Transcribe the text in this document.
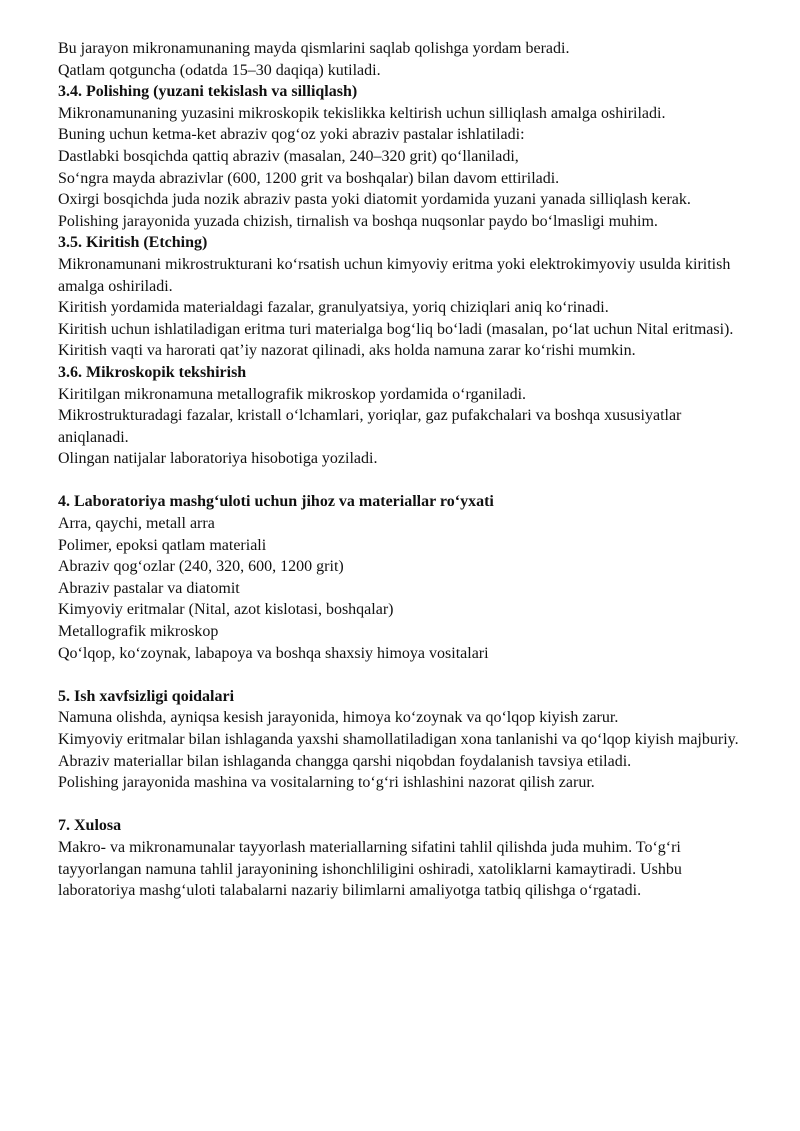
Bu jarayon mikronamunaning mayda qismlarini saqlab qolishga yordam beradi.

Qatlam qotguncha (odatda 15–30 daqiqa) kutiladi.

3.4. Polishing (yuzani tekislash va silliqlash)

Mikronamunaning yuzasini mikroskopik tekislikka keltirish uchun silliqlash amalga oshiriladi.

Buning uchun ketma-ket abraziv qog‘oz yoki abraziv pastalar ishlatiladi:

Dastlabki bosqichda qattiq abraziv (masalan, 240–320 grit) qo‘llaniladi,

So‘ngra mayda abrazivlar (600, 1200 grit va boshqalar) bilan davom ettiriladi.

Oxirgi bosqichda juda nozik abraziv pasta yoki diatomit yordamida yuzani yanada silliqlash kerak.

Polishing jarayonida yuzada chizish, tirnalish va boshqa nuqsonlar paydo bo‘lmasligi muhim.

3.5. Kiritish (Etching)

Mikronamunani mikrostrukturani ko‘rsatish uchun kimyoviy eritma yoki elektrokimyoviy usulda kiritish amalga oshiriladi.

Kiritish yordamida materialdagi fazalar, granulyatsiya, yoriq chiziqlari aniq ko‘rinadi.

Kiritish uchun ishlatiladigan eritma turi materialga bog‘liq bo‘ladi (masalan, po‘lat uchun Nital eritmasi).

Kiritish vaqti va harorati qat’iy nazorat qilinadi, aks holda namuna zarar ko‘rishi mumkin.

3.6. Mikroskopik tekshirish

Kiritilgan mikronamuna metallografik mikroskop yordamida o‘rganiladi.

Mikrostrukturadagi fazalar, kristall o‘lchamlari, yoriqlar, gaz pufakchalari va boshqa xususiyatlar aniqlanadi.

Olingan natijalar laboratoriya hisobotiga yoziladi.

4. Laboratoriya mashg‘uloti uchun jihoz va materiallar ro‘yxati

Arra, qaychi, metall arra

Polimer, epoksi qatlam materiali

Abraziv qog‘ozlar (240, 320, 600, 1200 grit)

Abraziv pastalar va diatomit

Kimyoviy eritmalar (Nital, azot kislotasi, boshqalar)

Metallografik mikroskop

Qo‘lqop, ko‘zoynak, labapoya va boshqa shaxsiy himoya vositalari

5. Ish xavfsizligi qoidalari

Namuna olishda, ayniqsa kesish jarayonida, himoya ko‘zoynak va qo‘lqop kiyish zarur.

Kimyoviy eritmalar bilan ishlaganda yaxshi shamollatiladigan xona tanlanishi va qo‘lqop kiyish majburiy.

Abraziv materiallar bilan ishlaganda changga qarshi niqobdan foydalanish tavsiya etiladi.

Polishing jarayonida mashina va vositalarning to‘g‘ri ishlashini nazorat qilish zarur.

7. Xulosa

Makro- va mikronamunalar tayyorlash materiallarning sifatini tahlil qilishda juda muhim. To‘g‘ri tayyorlangan namuna tahlil jarayonining ishonchliligini oshiradi, xatoliklarni kamaytiradi. Ushbu laboratoriya mashg‘uloti talabalarni nazariy bilimlarni amaliyotga tatbiq qilishga o‘rgatadi.
